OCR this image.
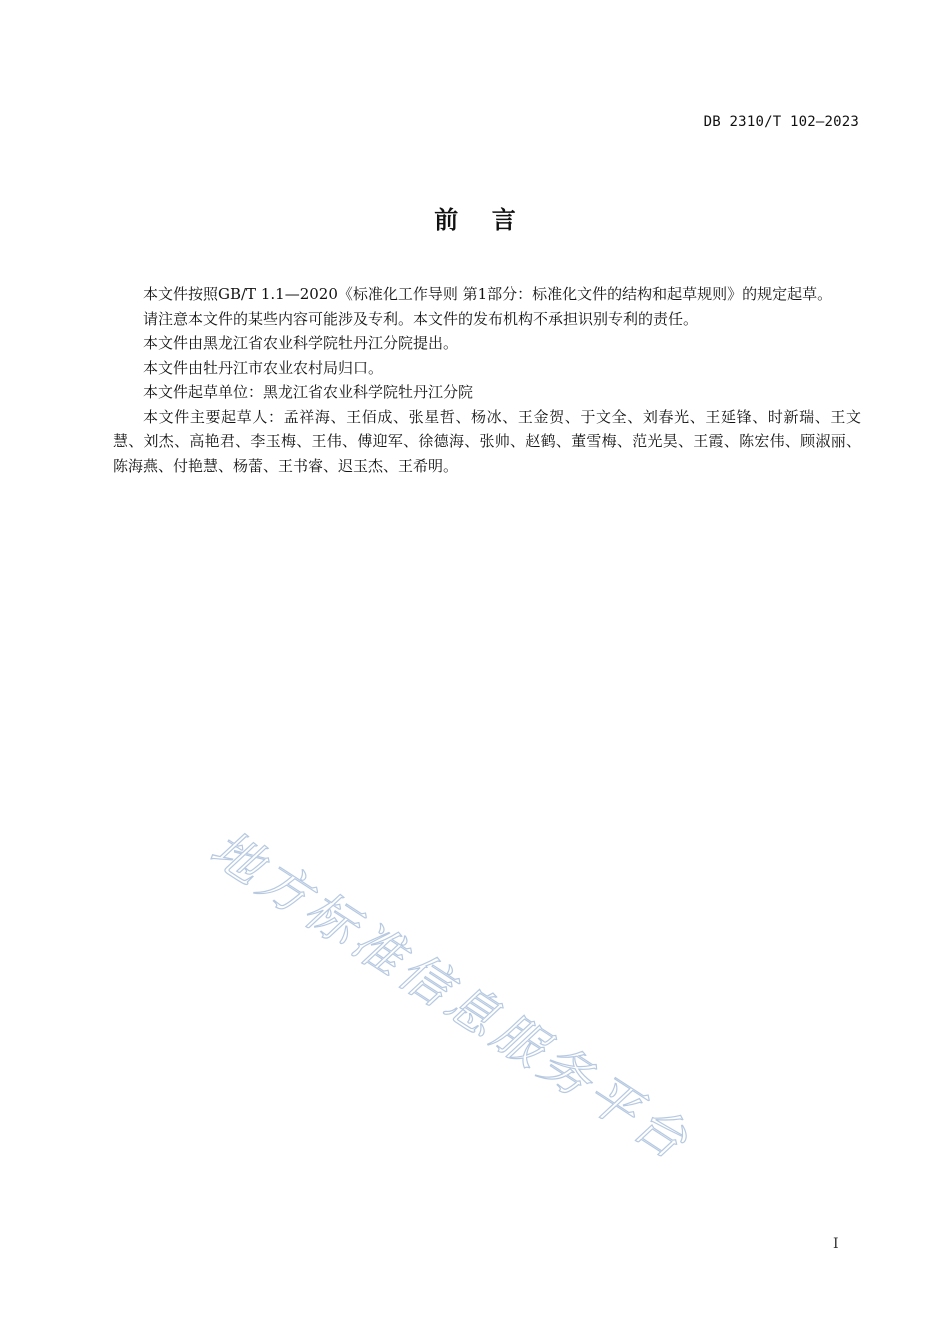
DB 2310/T 102—2023
前    言

本文件按照GB/T 1.1—2020《标准化工作导则 第1部分：标准化文件的结构和起草规则》的规定起草。

请注意本文件的某些内容可能涉及专利。本文件的发布机构不承担识别专利的责任。

本文件由黑龙江省农业科学院牡丹江分院提出。

本文件由牡丹江市农业农村局归口。

本文件起草单位：黑龙江省农业科学院牡丹江分院

本文件主要起草人：孟祥海、王佰成、张星哲、杨冰、王金贺、于文全、刘春光、王延锋、时新瑞、王文慧、刘杰、高艳君、李玉梅、王伟、傅迎军、徐德海、张帅、赵鹤、董雪梅、范光昊、王霞、陈宏伟、顾淑丽、陈海燕、付艳慧、杨蕾、王书睿、迟玉杰、王希明。

地方标准信息服务平台
I
